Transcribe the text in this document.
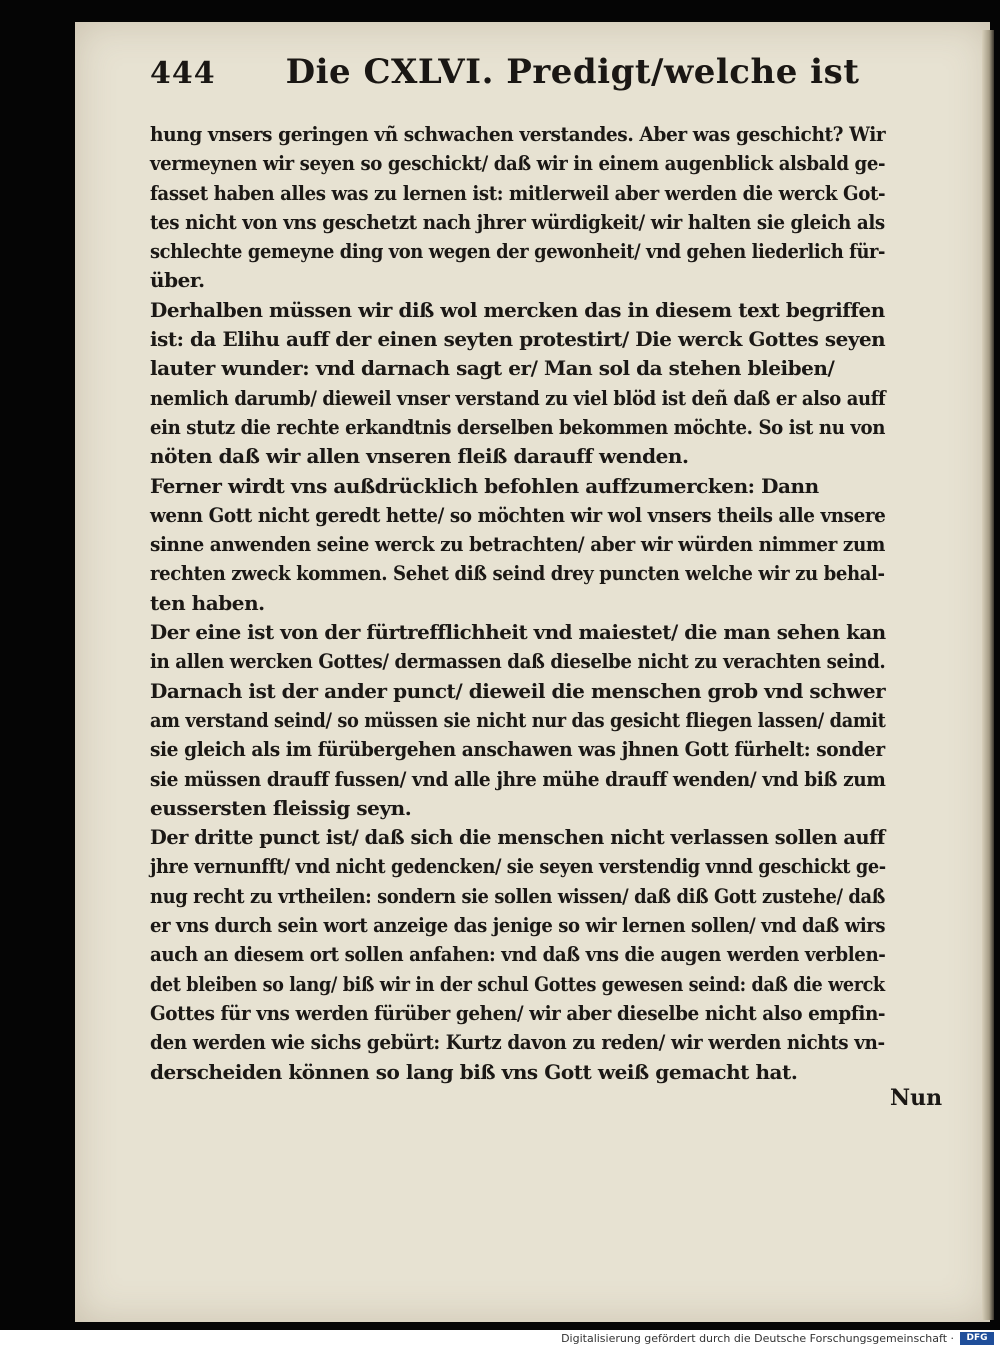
444 Die CXLVI. Predigt/welche ist
hung vnsers geringen vñ schwachen verstandes. Aber was geschicht? Wir
vermeynen wir seyen so geschickt/ daß wir in einem augenblick alsbald ge-
fasset haben alles was zu lernen ist: mitlerweil aber werden die werck Got-
tes nicht von vns geschetzt nach jhrer würdigkeit/ wir halten sie gleich als
schlechte gemeyne ding von wegen der gewonheit/ vnd gehen liederlich für-
über.
Derhalben müssen wir diß wol mercken das in diesem text begriffen
ist: da Elihu auff der einen seyten protestirt/ Die werck Gottes seyen
lauter wunder: vnd darnach sagt er/ Man sol da stehen bleiben/
nemlich darumb/ dieweil vnser verstand zu viel blöd ist deñ daß er also auff
ein stutz die rechte erkandtnis derselben bekommen möchte. So ist nu von
nöten daß wir allen vnseren fleiß darauff wenden.
Ferner wirdt vns außdrücklich befohlen auffzumercken: Dann
wenn Gott nicht geredt hette/ so möchten wir wol vnsers theils alle vnsere
sinne anwenden seine werck zu betrachten/ aber wir würden nimmer zum
rechten zweck kommen. Sehet diß seind drey puncten welche wir zu behal-
ten haben.
Der eine ist von der fürtrefflichheit vnd maiestet/ die man sehen kan
in allen wercken Gottes/ dermassen daß dieselbe nicht zu verachten seind.
Darnach ist der ander punct/ dieweil die menschen grob vnd schwer
am verstand seind/ so müssen sie nicht nur das gesicht fliegen lassen/ damit
sie gleich als im fürübergehen anschawen was jhnen Gott fürhelt: sonder
sie müssen drauff fussen/ vnd alle jhre mühe drauff wenden/ vnd biß zum
eussersten fleissig seyn.
Der dritte punct ist/ daß sich die menschen nicht verlassen sollen auff
jhre vernunfft/ vnd nicht gedencken/ sie seyen verstendig vnnd geschickt ge-
nug recht zu vrtheilen: sondern sie sollen wissen/ daß diß Gott zustehe/ daß
er vns durch sein wort anzeige das jenige so wir lernen sollen/ vnd daß wirs
auch an diesem ort sollen anfahen: vnd daß vns die augen werden verblen-
det bleiben so lang/ biß wir in der schul Gottes gewesen seind: daß die werck
Gottes für vns werden fürüber gehen/ wir aber dieselbe nicht also empfin-
den werden wie sichs gebürt: Kurtz davon zu reden/ wir werden nichts vn-
derscheiden können so lang biß vns Gott weiß gemacht hat.
Nun
Digitalisierung gefördert durch die Deutsche Forschungsgemeinschaft ·	DFG
